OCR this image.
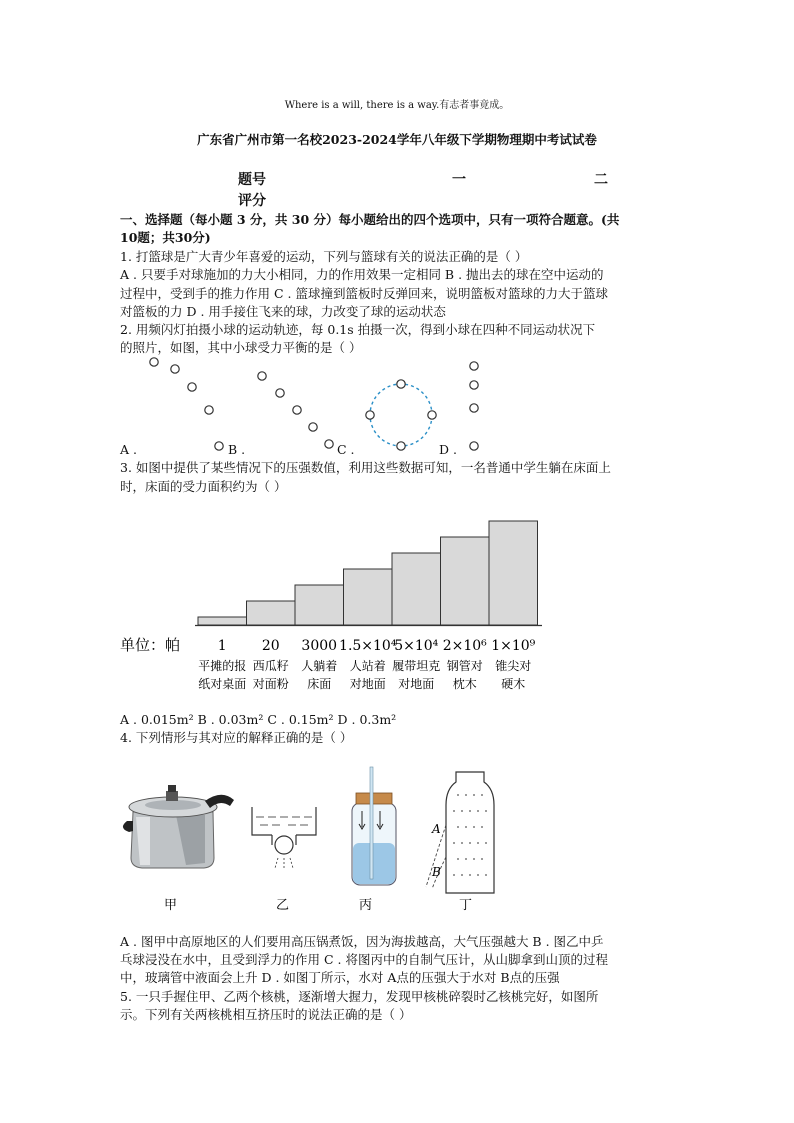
Where is a will, there is a way.有志者事竟成。
广东省广州市第一名校2023-2024学年八年级下学期物理期中考试试卷
题号	一	二
评分
一、选择题（每小题 3 分，共 30 分）每小题给出的四个选项中，只有一项符合题意。(共
10题；共30分)
1. 打篮球是广大青少年喜爱的运动，下列与篮球有关的说法正确的是（ ）
A . 只要手对球施加的力大小相同，力的作用效果一定相同 B . 抛出去的球在空中运动的
过程中，受到手的推力作用 C . 篮球撞到篮板时反弹回来，说明篮板对篮球的力大于篮球
对篮板的力 D . 用手接住飞来的球，力改变了球的运动状态
2. 用频闪灯拍摄小球的运动轨迹，每 0.1s 拍摄一次，得到小球在四种不同运动状况下
的照片，如图，其中小球受力平衡的是（ ）
A .	B .	C .	D .
3. 如图中提供了某些情况下的压强数值，利用这些数据可知，一名普通中学生躺在床面上
时，床面的受力面积约为（ ）
单位：帕	1
平摊的报
纸对桌面
20
西瓜籽
对面粉
3000
人躺着
床面
1.5×10⁴
人站着
对地面
5×10⁴
履带坦克
对地面
2×10⁶
钢管对
枕木
1×10⁹
锥尖对
硬木
A . 0.015m² B . 0.03m² C . 0.15m² D . 0.3m²
4. 下列情形与其对应的解释正确的是（ ）
A
B
甲	乙	丙	丁
A . 图甲中高原地区的人们要用高压锅煮饭，因为海拔越高，大气压强越大 B . 图乙中乒
乓球浸没在水中，且受到浮力的作用 C . 将图丙中的自制气压计，从山脚拿到山顶的过程
中，玻璃管中液面会上升 D . 如图丁所示，水对 A点的压强大于水对 B点的压强
5. 一只手握住甲、乙两个核桃，逐渐增大握力，发现甲核桃碎裂时乙核桃完好，如图所
示。下列有关两核桃相互挤压时的说法正确的是（ ）
